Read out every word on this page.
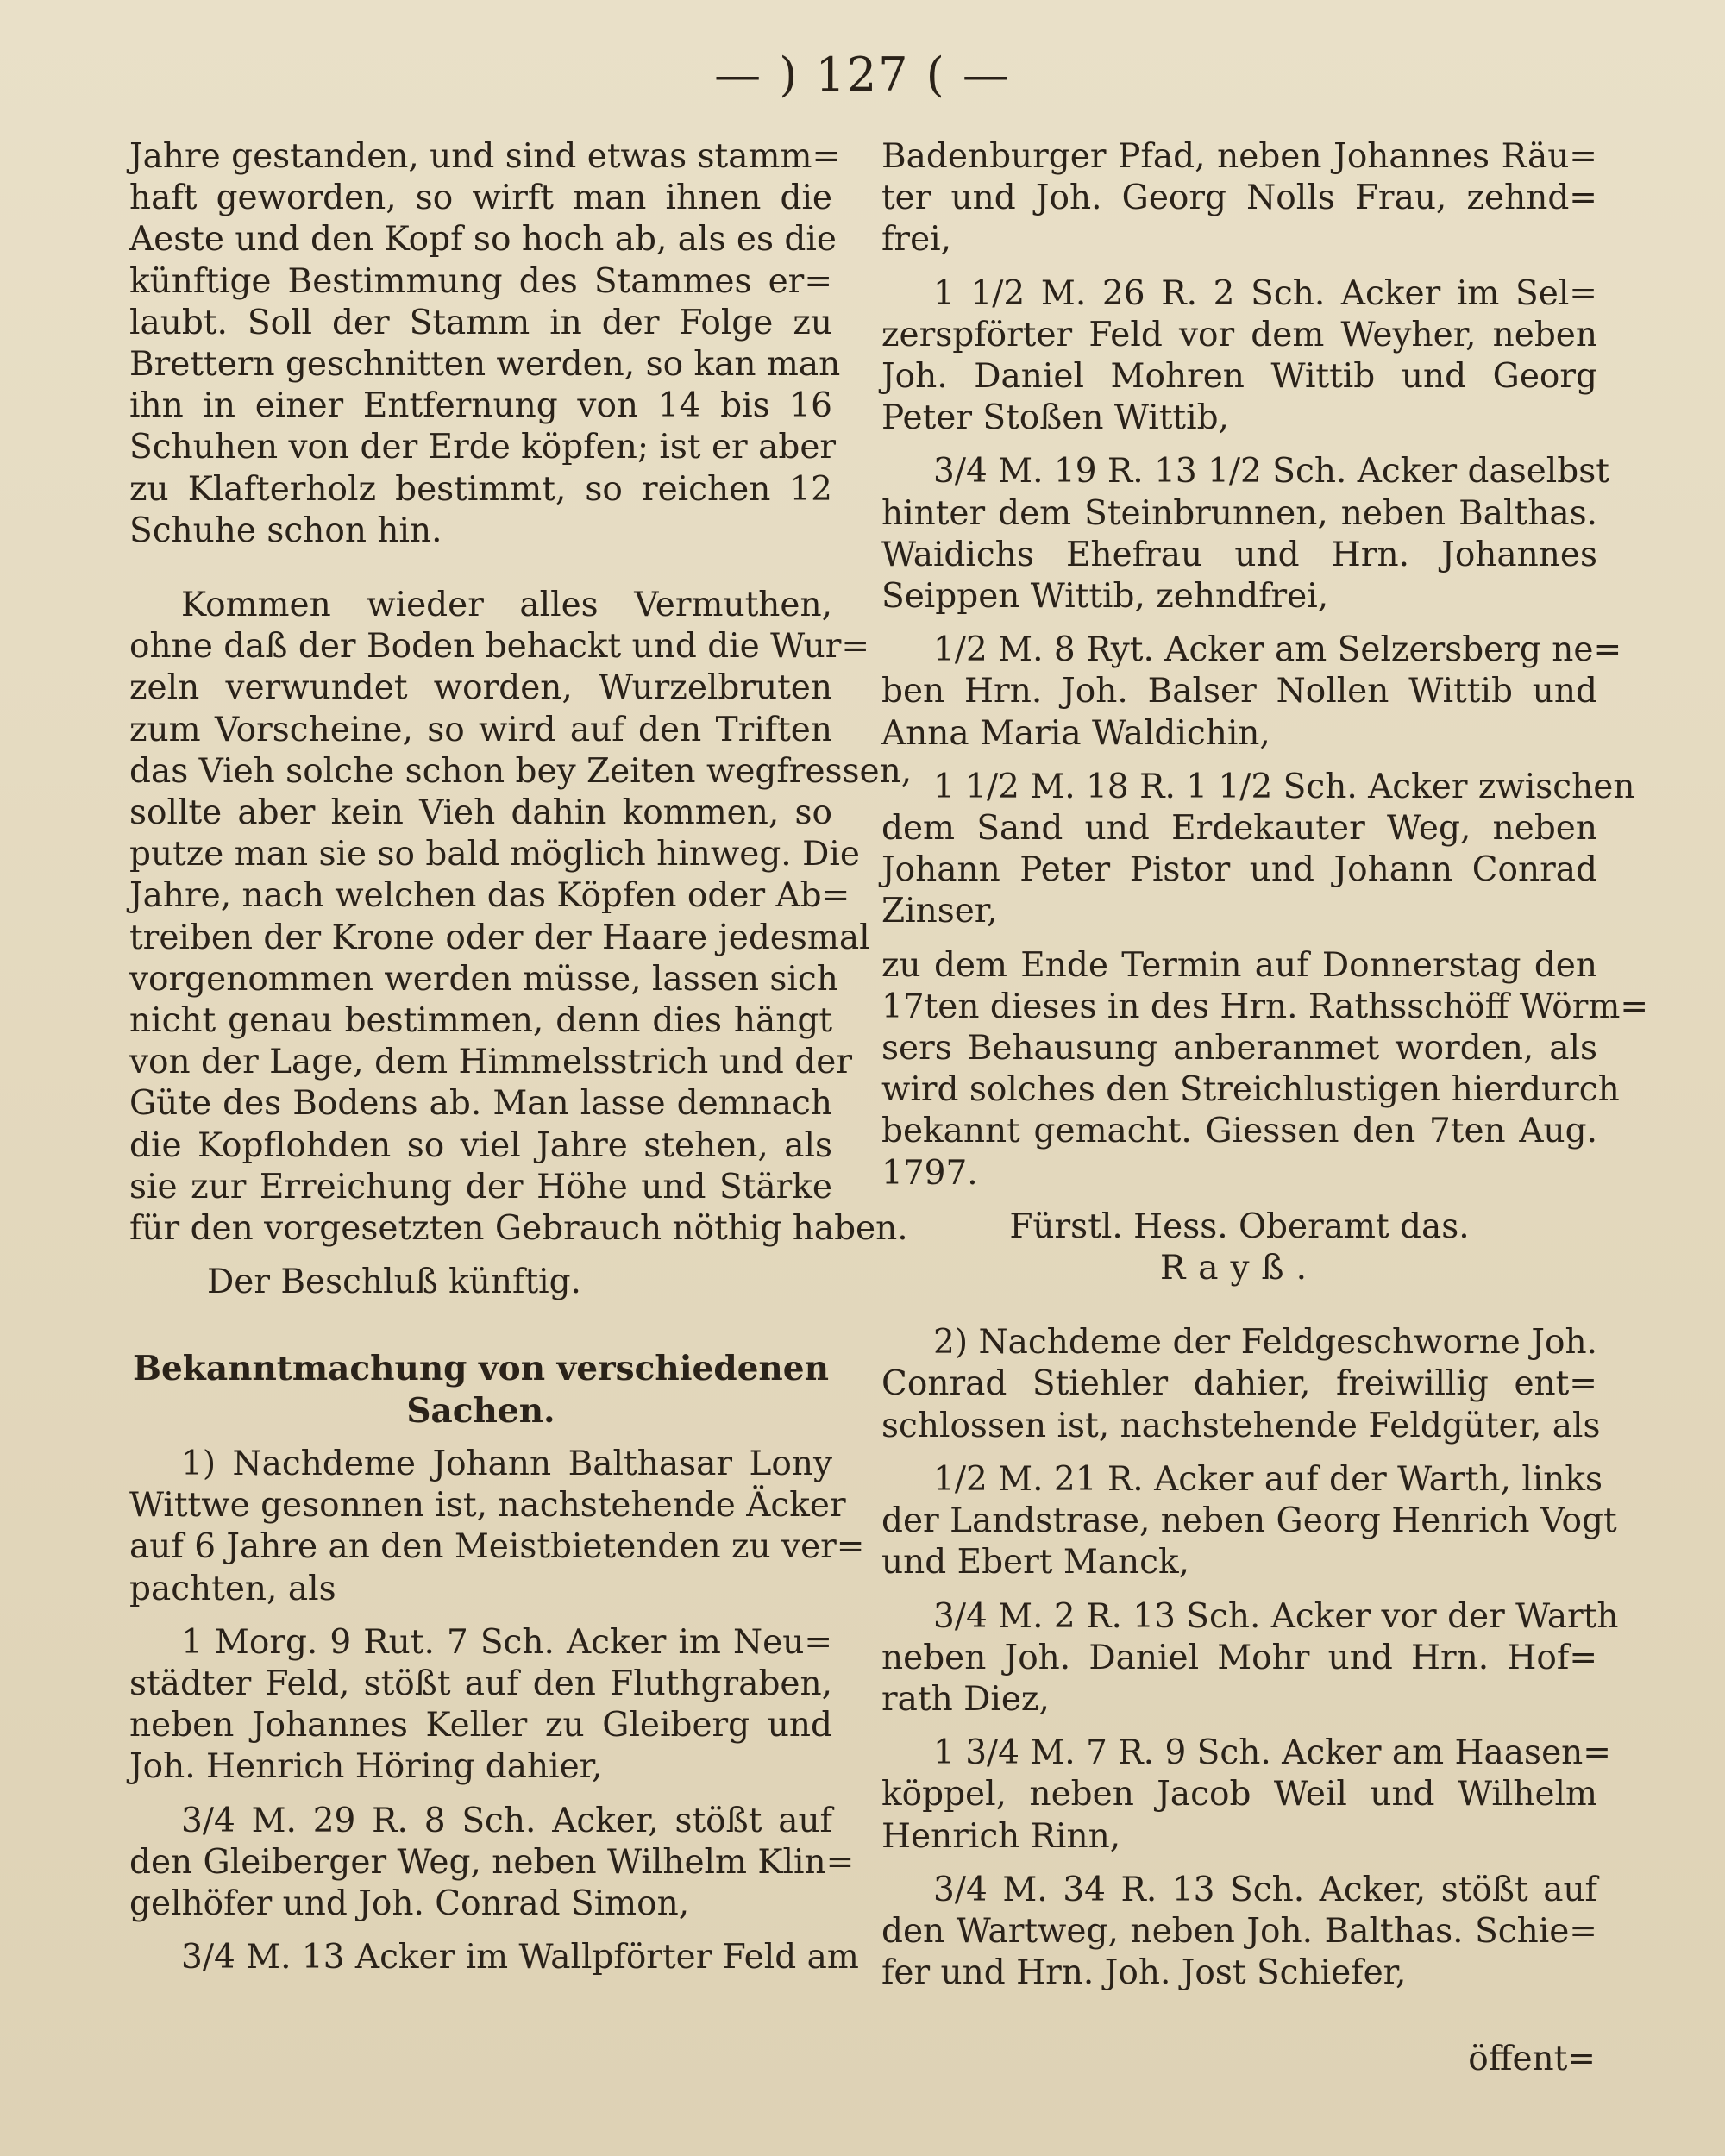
— ) 127 ( —
Jahre gestanden, und sind etwas stamm=
haft geworden, so wirft man ihnen die
Aeste und den Kopf so hoch ab, als es die
künftige Bestimmung des Stammes er=
laubt. Soll der Stamm in der Folge zu
Brettern geschnitten werden, so kan man
ihn in einer Entfernung von 14 bis 16
Schuhen von der Erde köpfen; ist er aber
zu Klafterholz bestimmt, so reichen 12
Schuhe schon hin.
Kommen wieder alles Vermuthen,
ohne daß der Boden behackt und die Wur=
zeln verwundet worden, Wurzelbruten
zum Vorscheine, so wird auf den Triften
das Vieh solche schon bey Zeiten wegfressen,
sollte aber kein Vieh dahin kommen, so
putze man sie so bald möglich hinweg. Die
Jahre, nach welchen das Köpfen oder Ab=
treiben der Krone oder der Haare jedesmal
vorgenommen werden müsse, lassen sich
nicht genau bestimmen, denn dies hängt
von der Lage, dem Himmelsstrich und der
Güte des Bodens ab. Man lasse demnach
die Kopflohden so viel Jahre stehen, als
sie zur Erreichung der Höhe und Stärke
für den vorgesetzten Gebrauch nöthig haben.
Der Beschluß künftig.
Bekanntmachung von verschiedenen
Sachen.
1) Nachdeme Johann Balthasar Lony
Wittwe gesonnen ist, nachstehende Äcker
auf 6 Jahre an den Meistbietenden zu ver=
pachten, als
1 Morg. 9 Rut. 7 Sch. Acker im Neu=
städter Feld, stößt auf den Fluthgraben,
neben Johannes Keller zu Gleiberg und
Joh. Henrich Höring dahier,
3/4 M. 29 R. 8 Sch. Acker, stößt auf
den Gleiberger Weg, neben Wilhelm Klin=
gelhöfer und Joh. Conrad Simon,
3/4 M. 13 Acker im Wallpförter Feld am
Badenburger Pfad, neben Johannes Räu=
ter und Joh. Georg Nolls Frau, zehnd=
frei,
1 1/2 M. 26 R. 2 Sch. Acker im Sel=
zerspförter Feld vor dem Weyher, neben
Joh. Daniel Mohren Wittib und Georg
Peter Stoßen Wittib,
3/4 M. 19 R. 13 1/2 Sch. Acker daselbst
hinter dem Steinbrunnen, neben Balthas.
Waidichs Ehefrau und Hrn. Johannes
Seippen Wittib, zehndfrei,
1/2 M. 8 Ryt. Acker am Selzersberg ne=
ben Hrn. Joh. Balser Nollen Wittib und
Anna Maria Waldichin,
1 1/2 M. 18 R. 1 1/2 Sch. Acker zwischen
dem Sand und Erdekauter Weg, neben
Johann Peter Pistor und Johann Conrad
Zinser,
zu dem Ende Termin auf Donnerstag den
17ten dieses in des Hrn. Rathsschöff Wörm=
sers Behausung anberanmet worden, als
wird solches den Streichlustigen hierdurch
bekannt gemacht. Giessen den 7ten Aug.
1797.
Fürstl. Hess. Oberamt das.
Rayß.
2) Nachdeme der Feldgeschworne Joh.
Conrad Stiehler dahier, freiwillig ent=
schlossen ist, nachstehende Feldgüter, als
1/2 M. 21 R. Acker auf der Warth, links
der Landstrase, neben Georg Henrich Vogt
und Ebert Manck,
3/4 M. 2 R. 13 Sch. Acker vor der Warth
neben Joh. Daniel Mohr und Hrn. Hof=
rath Diez,
1 3/4 M. 7 R. 9 Sch. Acker am Haasen=
köppel, neben Jacob Weil und Wilhelm
Henrich Rinn,
3/4 M. 34 R. 13 Sch. Acker, stößt auf
den Wartweg, neben Joh. Balthas. Schie=
fer und Hrn. Joh. Jost Schiefer,
öffent=
